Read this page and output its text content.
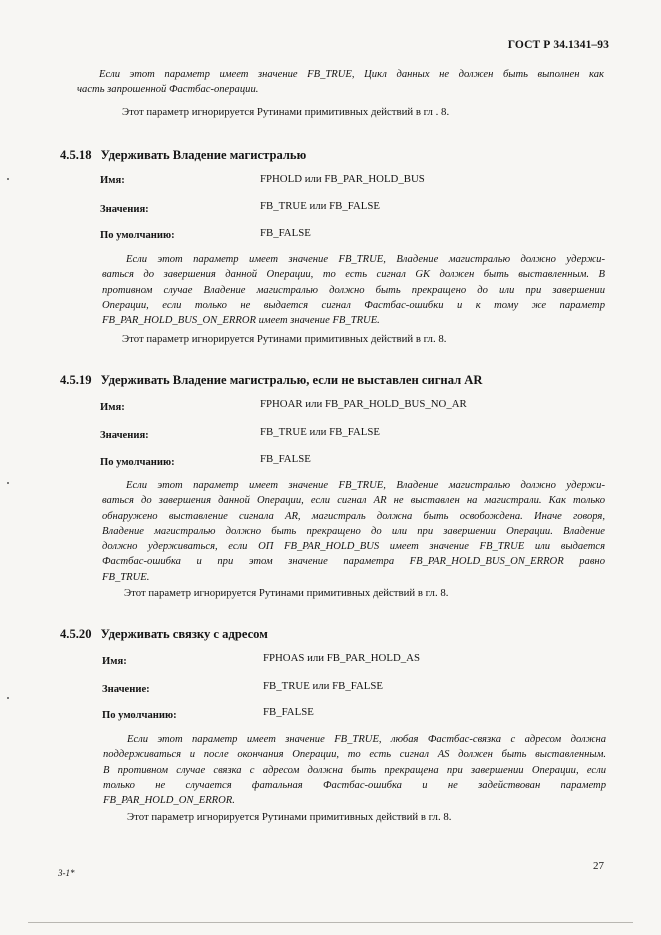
ГОСТ Р 34.1341–93

Если этот параметр имеет значение FB_TRUE, Цикл данных не должен быть выполнен как
часть запрошенной Фастбас-операции.

Этот параметр игнорируется Рутинами примитивных действий в гл . 8.

4.5.18 Удерживать Владение магистралью
Имя:	FPHOLD или FB_PAR_HOLD_BUS
Значения:	FB_TRUE или FB_FALSE
По умолчанию:	FB_FALSE

Если этот параметр имеет значение FB_TRUE, Владение магистралью должно удержи-
ваться до завершения данной Операции, то есть сигнал GK должен быть выставленным. В
противном случае Владение магистралью должно быть прекращено до или при завершении
Операции, если только не выдается сигнал Фастбас-ошибки и к тому же параметр
FB_PAR_HOLD_BUS_ON_ERROR имеет значение FB_TRUE.

Этот параметр игнорируется Рутинами примитивных действий в гл. 8.

4.5.19 Удерживать Владение магистралью, если не выставлен сигнал AR
Имя:	FPHOAR или FB_PAR_HOLD_BUS_NO_AR
Значения:	FB_TRUE или FB_FALSE
По умолчанию:	FB_FALSE

Если этот параметр имеет значение FB_TRUE, Владение магистралью должно удержи-
ваться до завершения данной Операции, если сигнал AR не выставлен на магистрали. Как только
обнаружено выставление сигнала AR, магистраль должна быть освобождена. Иначе говоря,
Владение магистралью должно быть прекращено до или при завершении Операции. Владение
должно удерживаться, если ОП FB_PAR_HOLD_BUS имеет значение FB_TRUE или выдается
Фастбас-ошибка и при этом значение параметра FB_PAR_HOLD_BUS_ON_ERROR равно
FB_TRUE.

Этот параметр игнорируется Рутинами примитивных действий в гл. 8.

4.5.20 Удерживать связку с адресом
Имя:	FPHOAS или FB_PAR_HOLD_AS
Значение:	FB_TRUE или FB_FALSE
По умолчанию:	FB_FALSE

Если этот параметр имеет значение FB_TRUE, любая Фастбас-связка с адресом должна
поддерживаться и после окончания Операции, то есть сигнал AS должен быть выставленным.
В противном случае связка с адресом должна быть прекращена при завершении Операции, если
только не случается фатальная Фастбас-ошибка и не задействован параметр
FB_PAR_HOLD_ON_ERROR.

Этот параметр игнорируется Рутинами примитивных действий в гл. 8.

3-1*
27
